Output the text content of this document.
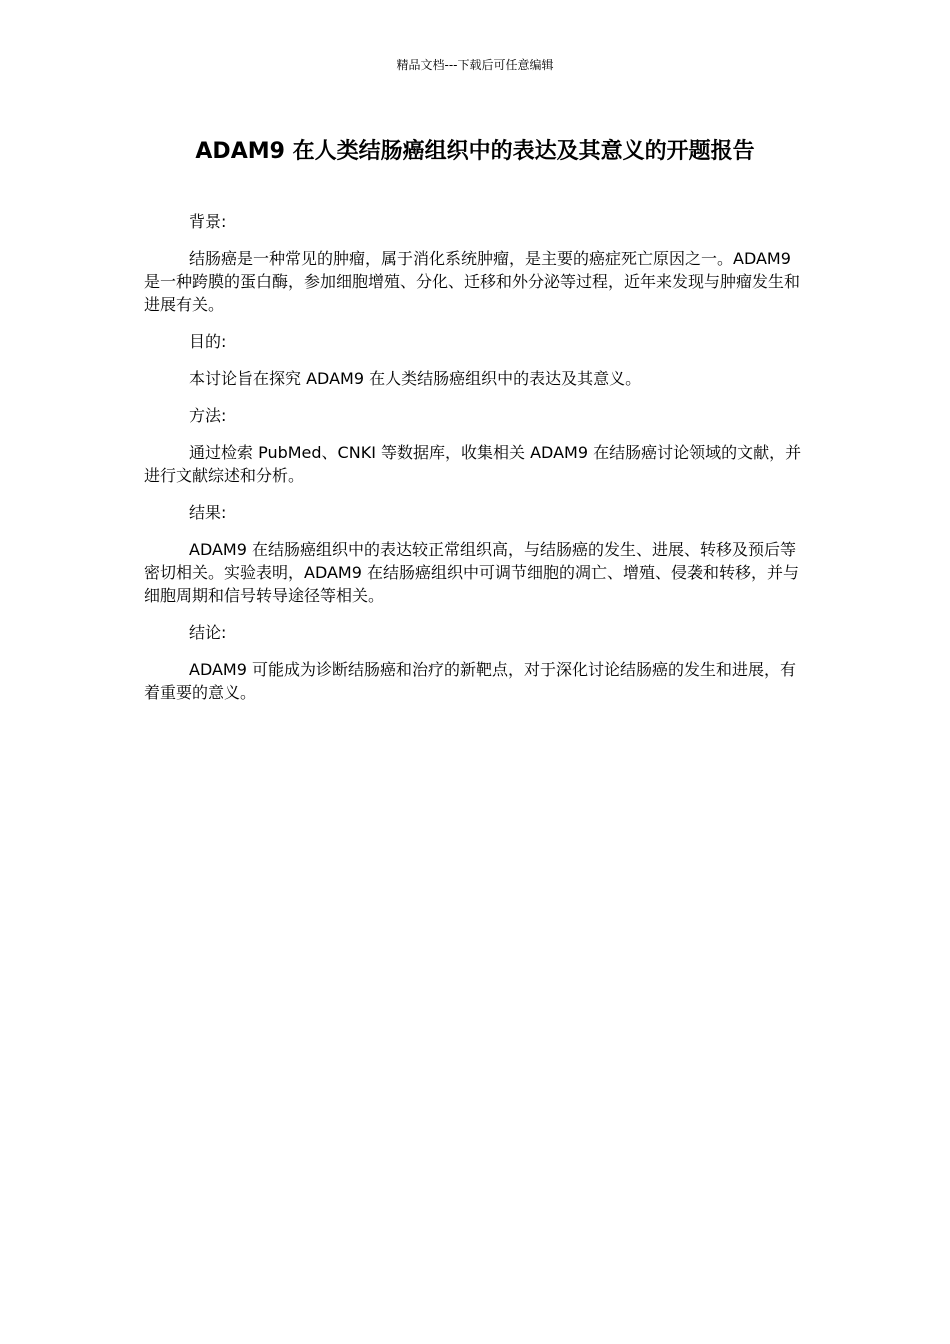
精品文档---下载后可任意编辑
ADAM9 在人类结肠癌组织中的表达及其意义的开题报告

背景:

结肠癌是一种常见的肿瘤，属于消化系统肿瘤，是主要的癌症死亡原因之一。ADAM9 是一种跨膜的蛋白酶，参加细胞增殖、分化、迁移和外分泌等过程，近年来发现与肿瘤发生和进展有关。

目的:

本讨论旨在探究 ADAM9 在人类结肠癌组织中的表达及其意义。

方法:

通过检索 PubMed、CNKI 等数据库，收集相关 ADAM9 在结肠癌讨论领域的文献，并进行文献综述和分析。

结果:

ADAM9 在结肠癌组织中的表达较正常组织高，与结肠癌的发生、进展、转移及预后等密切相关。实验表明，ADAM9 在结肠癌组织中可调节细胞的凋亡、增殖、侵袭和转移，并与细胞周期和信号转导途径等相关。

结论:

ADAM9 可能成为诊断结肠癌和治疗的新靶点，对于深化讨论结肠癌的发生和进展，有着重要的意义。
